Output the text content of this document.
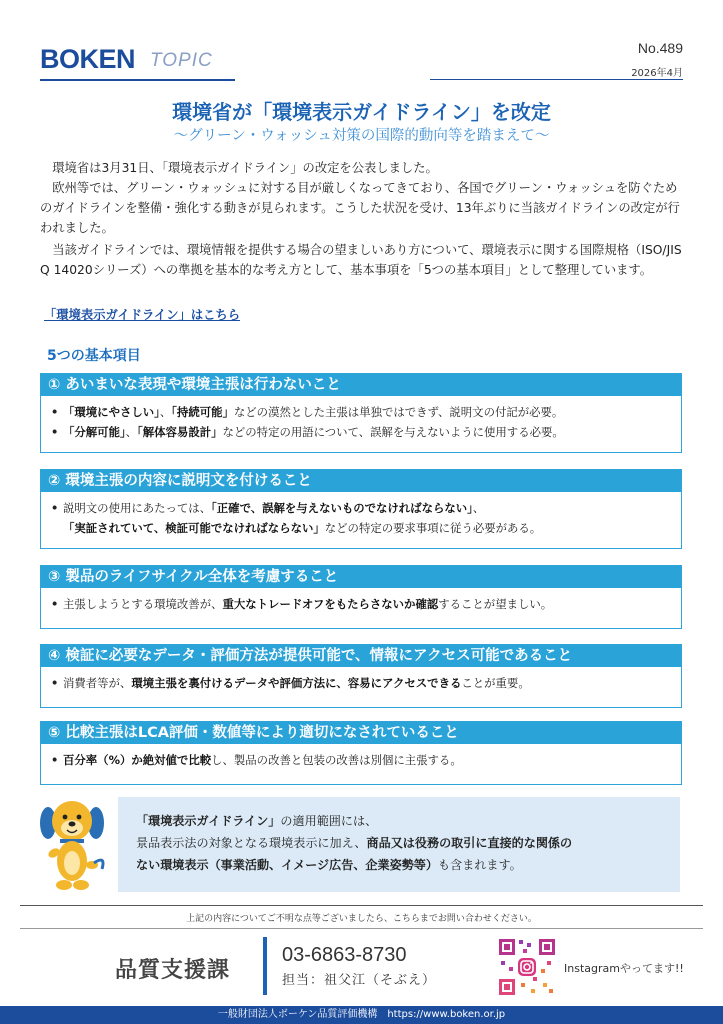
BOKEN TOPIC
No.489
2026年4月
環境省が「環境表示ガイドライン」を改定
～グリーン・ウォッシュ対策の国際的動向等を踏まえて～

環境省は3月31日、「環境表示ガイドライン」の改定を公表しました。

欧州等では、グリーン・ウォッシュに対する目が厳しくなってきており、各国でグリーン・ウォッシュを防ぐためのガイドラインを整備・強化する動きが見られます。こうした状況を受け、13年ぶりに当該ガイドラインの改定が行われました。

当該ガイドラインでは、環境情報を提供する場合の望ましいあり方について、環境表示に関する国際規格（ISO/JIS Q 14020シリーズ）への準拠を基本的な考え方として、基本事項を「5つの基本項目」として整理しています。

「環境表示ガイドライン」はこちら
5つの基本項目
① あいまいな表現や環境主張は行わないこと
• 「環境にやさしい」、「持続可能」などの漠然とした主張は単独ではできず、説明文の付記が必要。
• 「分解可能」、「解体容易設計」などの特定の用語について、誤解を与えないように使用する必要。
② 環境主張の内容に説明文を付けること
• 説明文の使用にあたっては、「正確で、誤解を与えないものでなければならない」、
「実証されていて、検証可能でなければならない」などの特定の要求事項に従う必要がある。
③ 製品のライフサイクル全体を考慮すること
• 主張しようとする環境改善が、重大なトレードオフをもたらさないか確認することが望ましい。
④ 検証に必要なデータ・評価方法が提供可能で、情報にアクセス可能であること
• 消費者等が、環境主張を裏付けるデータや評価方法に、容易にアクセスできることが重要。
⑤ 比較主張はLCA評価・数値等により適切になされていること
• 百分率（%）か絶対値で比較し、製品の改善と包装の改善は別個に主張する。

「環境表示ガイドライン」の適用範囲には、

景品表示法の対象となる環境表示に加え、商品又は役務の取引に直接的な関係の

ない環境表示（事業活動、イメージ広告、企業姿勢等）も含まれます。

上記の内容についてご不明な点等ございましたら、こちらまでお問い合わせください。
品質支援課
03-6863-8730
担当：祖父江（そぶえ）
Instagramやってます!!
一般財団法人ボーケン品質評価機構　https://www.boken.or.jp
